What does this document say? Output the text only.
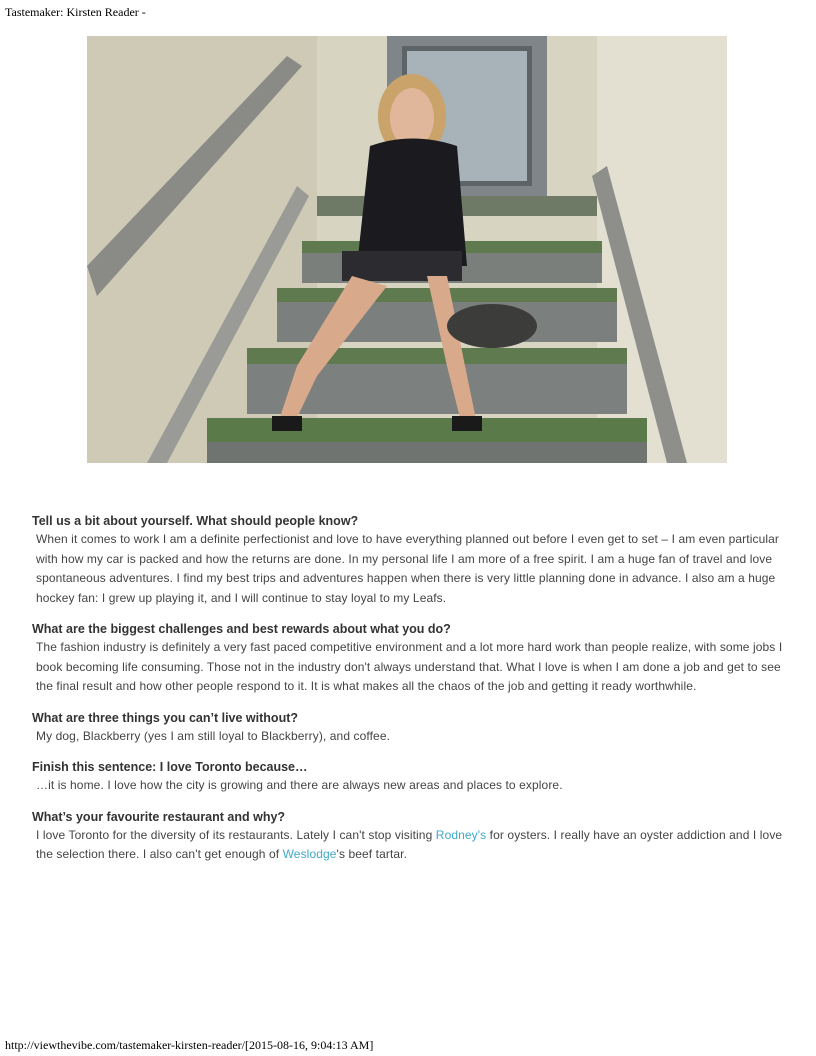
Tastemaker: Kirsten Reader -
Tell us a bit about yourself. What should people know?
When it comes to work I am a definite perfectionist and love to have everything planned out before I even get to set – I am even particular with how my car is packed and how the returns are done. In my personal life I am more of a free spirit. I am a huge fan of travel and love spontaneous adventures. I find my best trips and adventures happen when there is very little planning done in advance. I also am a huge hockey fan: I grew up playing it, and I will continue to stay loyal to my Leafs.
What are the biggest challenges and best rewards about what you do?
The fashion industry is definitely a very fast paced competitive environment and a lot more hard work than people realize, with some jobs I book becoming life consuming. Those not in the industry don't always understand that. What I love is when I am done a job and get to see the final result and how other people respond to it. It is what makes all the chaos of the job and getting it ready worthwhile.
What are three things you can’t live without?
My dog, Blackberry (yes I am still loyal to Blackberry), and coffee.
Finish this sentence: I love Toronto because…
…it is home. I love how the city is growing and there are always new areas and places to explore.
What’s your favourite restaurant and why?
I love Toronto for the diversity of its restaurants. Lately I can't stop visiting Rodney's for oysters. I really have an oyster addiction and I love the selection there. I also can't get enough of Weslodge's beef tartar.
http://viewthevibe.com/tastemaker-kirsten-reader/[2015-08-16, 9:04:13 AM]
